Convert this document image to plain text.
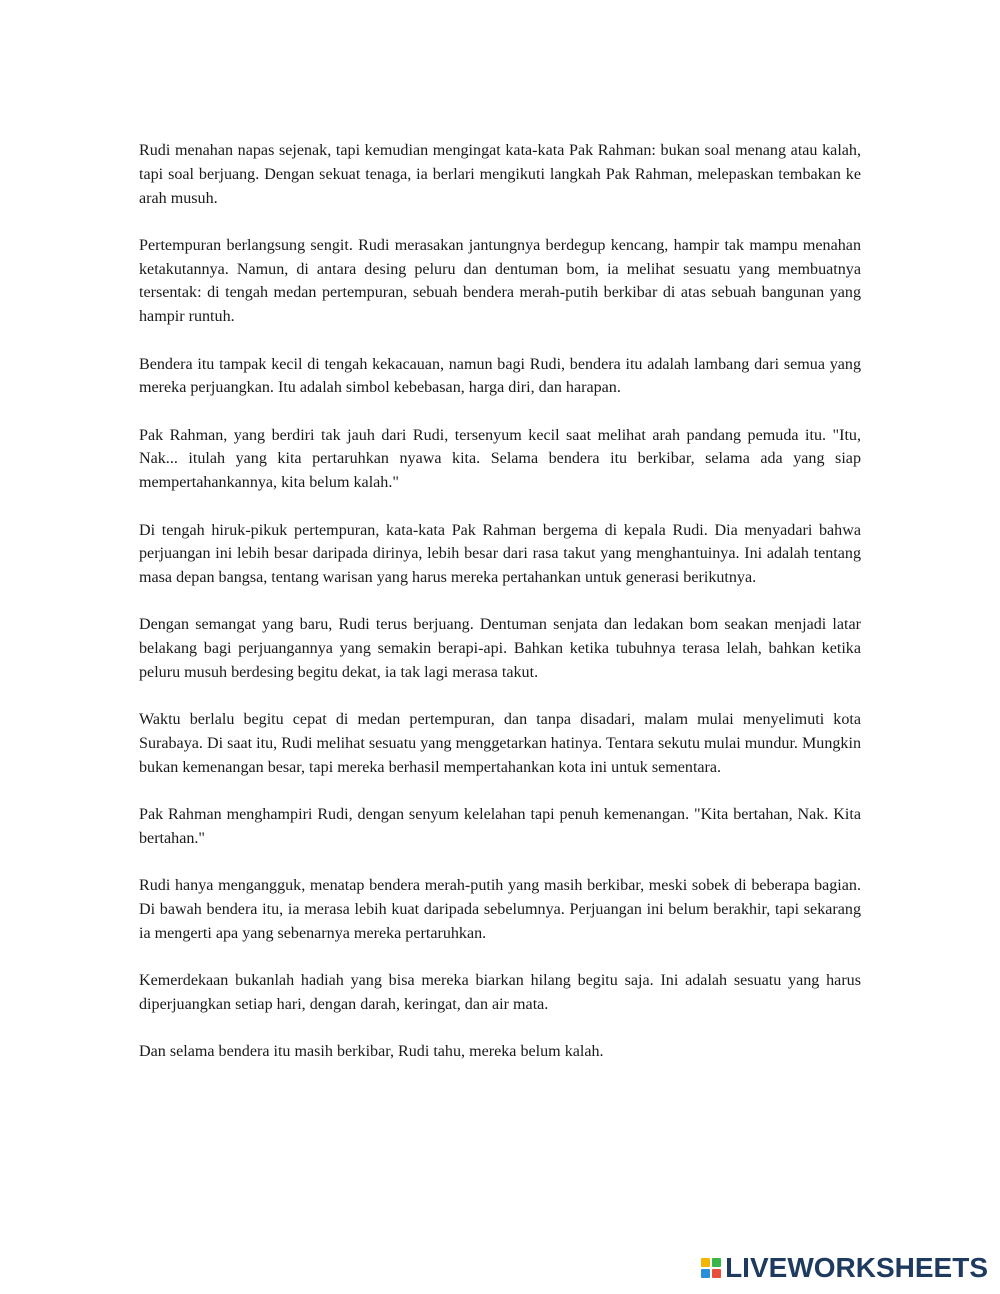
Rudi menahan napas sejenak, tapi kemudian mengingat kata-kata Pak Rahman: bukan soal menang atau kalah, tapi soal berjuang. Dengan sekuat tenaga, ia berlari mengikuti langkah Pak Rahman, melepaskan tembakan ke arah musuh.

Pertempuran berlangsung sengit. Rudi merasakan jantungnya berdegup kencang, hampir tak mampu menahan ketakutannya. Namun, di antara desing peluru dan dentuman bom, ia melihat sesuatu yang membuatnya tersentak: di tengah medan pertempuran, sebuah bendera merah-putih berkibar di atas sebuah bangunan yang hampir runtuh.

Bendera itu tampak kecil di tengah kekacauan, namun bagi Rudi, bendera itu adalah lambang dari semua yang mereka perjuangkan. Itu adalah simbol kebebasan, harga diri, dan harapan.

Pak Rahman, yang berdiri tak jauh dari Rudi, tersenyum kecil saat melihat arah pandang pemuda itu. "Itu, Nak... itulah yang kita pertaruhkan nyawa kita. Selama bendera itu berkibar, selama ada yang siap mempertahankannya, kita belum kalah."

Di tengah hiruk-pikuk pertempuran, kata-kata Pak Rahman bergema di kepala Rudi. Dia menyadari bahwa perjuangan ini lebih besar daripada dirinya, lebih besar dari rasa takut yang menghantuinya. Ini adalah tentang masa depan bangsa, tentang warisan yang harus mereka pertahankan untuk generasi berikutnya.

Dengan semangat yang baru, Rudi terus berjuang. Dentuman senjata dan ledakan bom seakan menjadi latar belakang bagi perjuangannya yang semakin berapi-api. Bahkan ketika tubuhnya terasa lelah, bahkan ketika peluru musuh berdesing begitu dekat, ia tak lagi merasa takut.

Waktu berlalu begitu cepat di medan pertempuran, dan tanpa disadari, malam mulai menyelimuti kota Surabaya. Di saat itu, Rudi melihat sesuatu yang menggetarkan hatinya. Tentara sekutu mulai mundur. Mungkin bukan kemenangan besar, tapi mereka berhasil mempertahankan kota ini untuk sementara.

Pak Rahman menghampiri Rudi, dengan senyum kelelahan tapi penuh kemenangan. "Kita bertahan, Nak. Kita bertahan."

Rudi hanya mengangguk, menatap bendera merah-putih yang masih berkibar, meski sobek di beberapa bagian. Di bawah bendera itu, ia merasa lebih kuat daripada sebelumnya. Perjuangan ini belum berakhir, tapi sekarang ia mengerti apa yang sebenarnya mereka pertaruhkan.

Kemerdekaan bukanlah hadiah yang bisa mereka biarkan hilang begitu saja. Ini adalah sesuatu yang harus diperjuangkan setiap hari, dengan darah, keringat, dan air mata.

Dan selama bendera itu masih berkibar, Rudi tahu, mereka belum kalah.

LIVEWORKSHEETS
